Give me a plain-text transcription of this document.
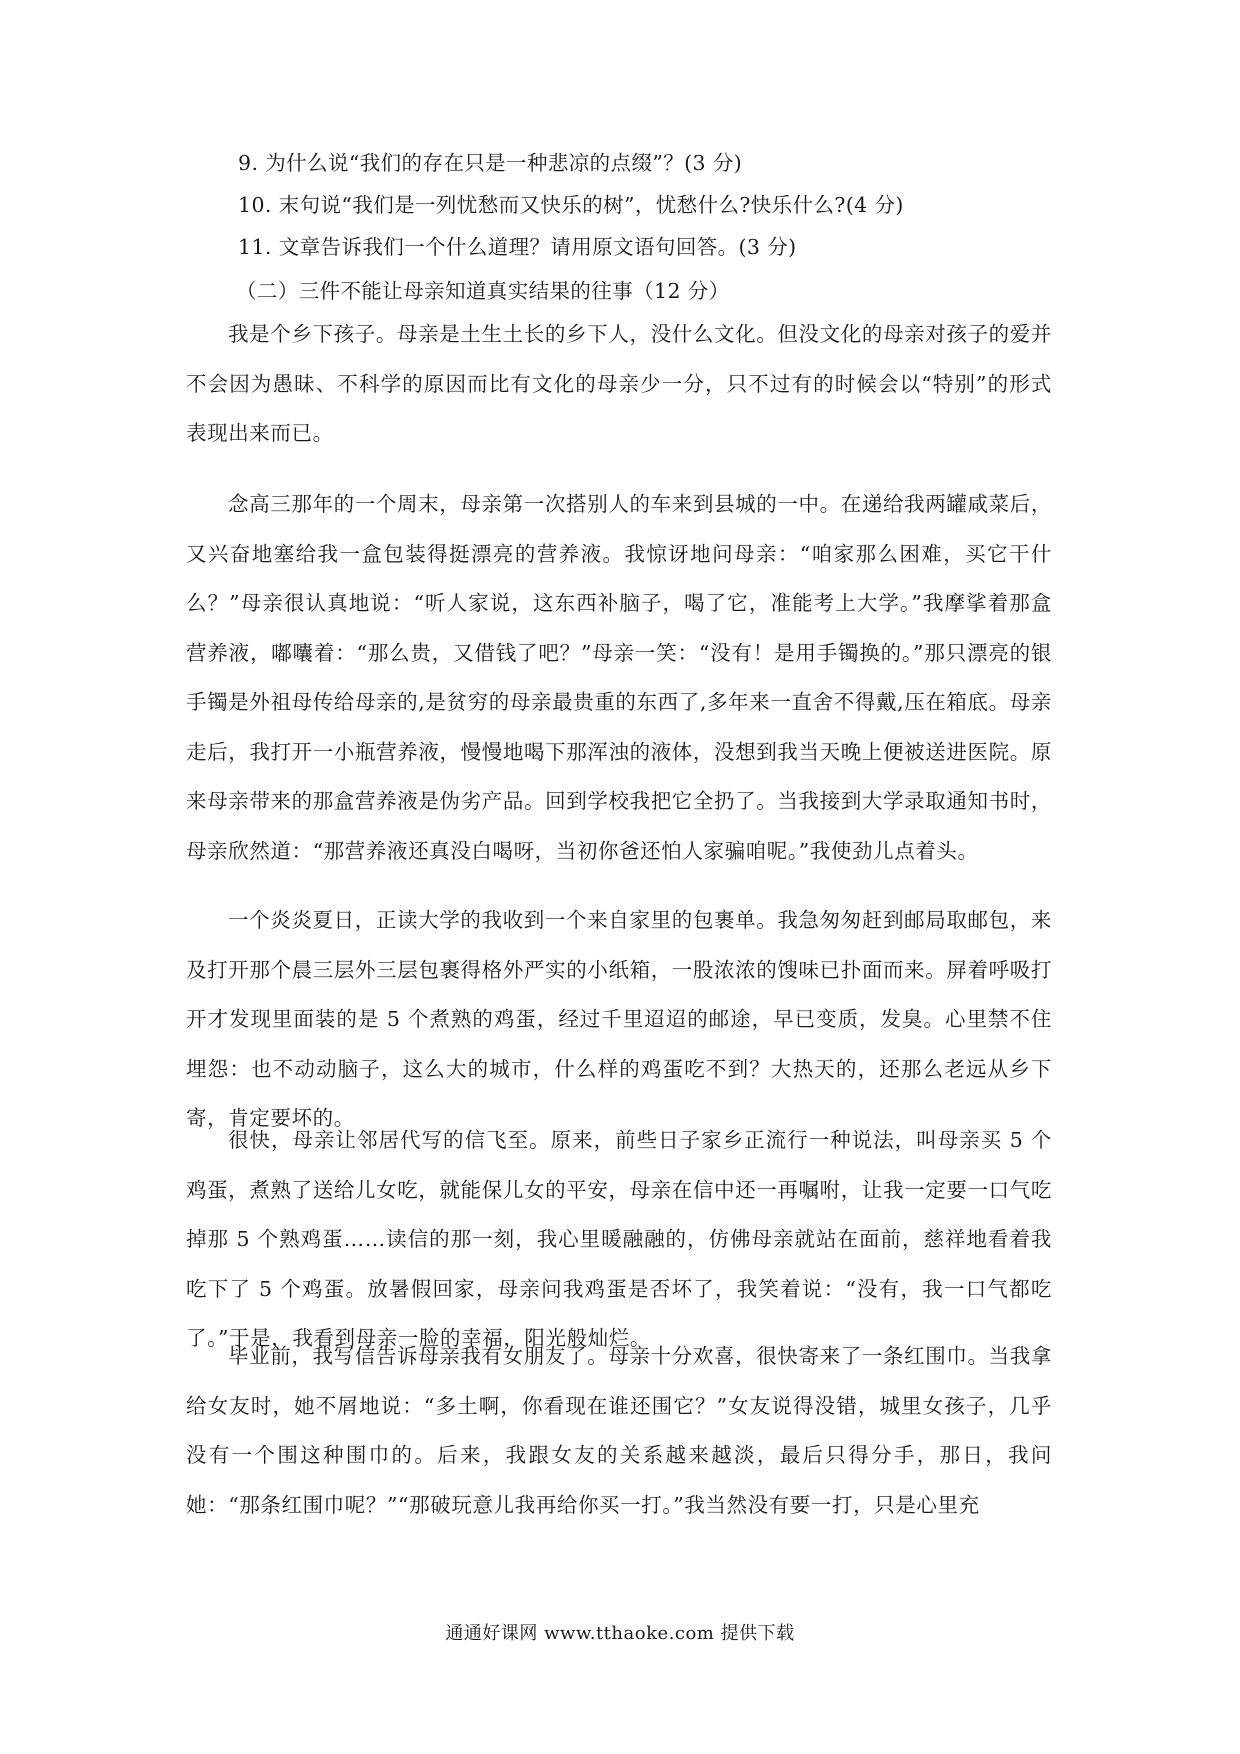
9. 为什么说“我们的存在只是一种悲凉的点缀”？(3 分)
10. 末句说“我们是一列忧愁而又快乐的树”，忧愁什么?快乐什么?(4 分)
11. 文章告诉我们一个什么道理？请用原文语句回答。(3 分)
（二）三件不能让母亲知道真实结果的往事（12 分）

我是个乡下孩子。母亲是土生土长的乡下人，没什么文化。但没文化的母亲对孩子的爱并不会因为愚昧、不科学的原因而比有文化的母亲少一分，只不过有的时候会以“特别”的形式表现出来而已。

念高三那年的一个周末，母亲第一次搭别人的车来到县城的一中。在递给我两罐咸菜后，又兴奋地塞给我一盒包装得挺漂亮的营养液。我惊讶地问母亲：“咱家那么困难，买它干什么？”母亲很认真地说：“听人家说，这东西补脑子，喝了它，准能考上大学。”我摩挲着那盒营养液，嘟囔着：“那么贵，又借钱了吧？”母亲一笑：“没有！是用手镯换的。”那只漂亮的银手镯是外祖母传给母亲的,是贫穷的母亲最贵重的东西了,多年来一直舍不得戴,压在箱底。母亲走后，我打开一小瓶营养液，慢慢地喝下那浑浊的液体，没想到我当天晚上便被送进医院。原来母亲带来的那盒营养液是伪劣产品。回到学校我把它全扔了。当我接到大学录取通知书时，母亲欣然道：“那营养液还真没白喝呀，当初你爸还怕人家骗咱呢。”我使劲儿点着头。

一个炎炎夏日，正读大学的我收到一个来自家里的包裹单。我急匆匆赶到邮局取邮包，来及打开那个晨三层外三层包裹得格外严实的小纸箱，一股浓浓的馊味已扑面而来。屏着呼吸打开才发现里面装的是 5 个煮熟的鸡蛋，经过千里迢迢的邮途，早已变质，发臭。心里禁不住埋怨：也不动动脑子，这么大的城市，什么样的鸡蛋吃不到？大热天的，还那么老远从乡下寄，肯定要坏的。

很快，母亲让邻居代写的信飞至。原来，前些日子家乡正流行一种说法，叫母亲买 5 个鸡蛋，煮熟了送给儿女吃，就能保儿女的平安，母亲在信中还一再嘱咐，让我一定要一口气吃掉那 5 个熟鸡蛋……读信的那一刻，我心里暖融融的，仿佛母亲就站在面前，慈祥地看着我吃下了 5 个鸡蛋。放暑假回家，母亲问我鸡蛋是否坏了，我笑着说：“没有，我一口气都吃了。”于是，我看到母亲一脸的幸福，阳光般灿烂。

毕业前，我写信告诉母亲我有女朋友了。母亲十分欢喜，很快寄来了一条红围巾。当我拿给女友时，她不屑地说：“多土啊，你看现在谁还围它？”女友说得没错，城里女孩子，几乎没有一个围这种围巾的。后来，我跟女友的关系越来越淡，最后只得分手，那日，我问她：“那条红围巾呢？”“那破玩意儿我再给你买一打。”我当然没有要一打，只是心里充

通通好课网 www.tthaoke.com 提供下载
